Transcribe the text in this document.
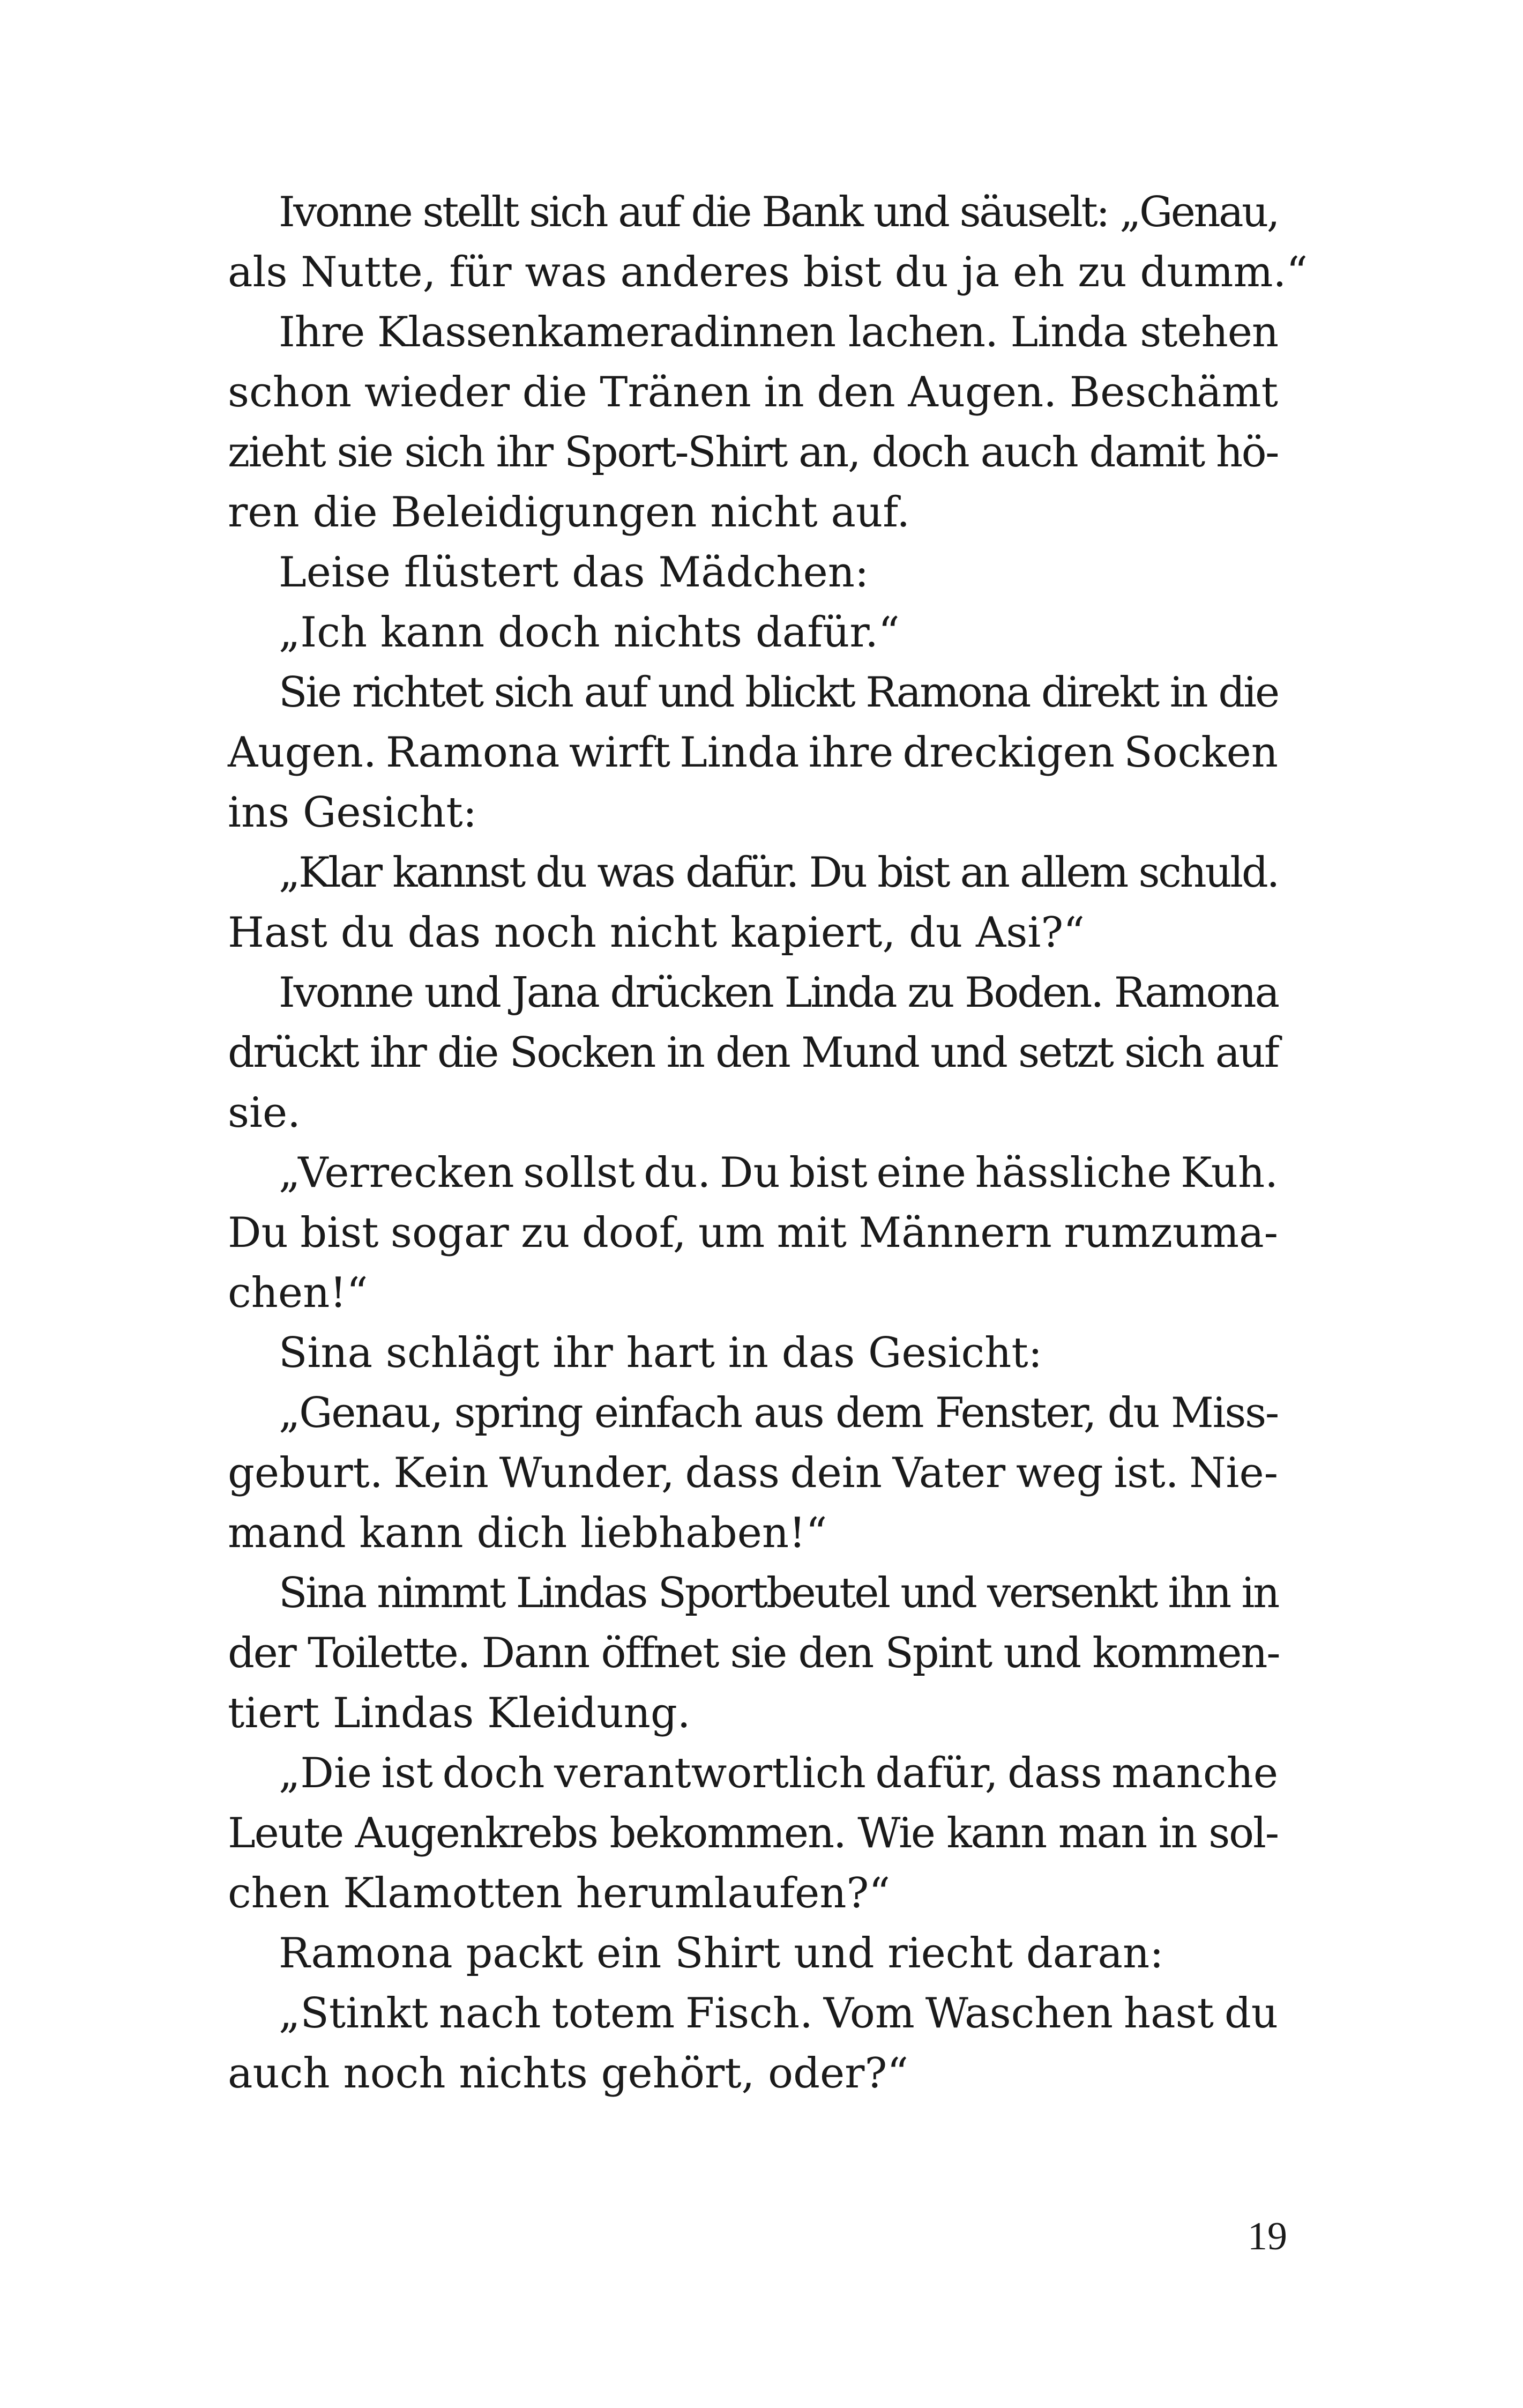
Ivonne stellt sich auf die Bank und säuselt: „Genau,
als Nutte, für was anderes bist du ja eh zu dumm.“
Ihre Klassenkameradinnen lachen. Linda stehen
schon wieder die Tränen in den Augen. Beschämt
zieht sie sich ihr Sport-Shirt an, doch auch damit hö-
ren die Beleidigungen nicht auf.
Leise flüstert das Mädchen:
„Ich kann doch nichts dafür.“
Sie richtet sich auf und blickt Ramona direkt in die
Augen. Ramona wirft Linda ihre dreckigen Socken
ins Gesicht:
„Klar kannst du was dafür. Du bist an allem schuld.
Hast du das noch nicht kapiert, du Asi?“
Ivonne und Jana drücken Linda zu Boden. Ramona
drückt ihr die Socken in den Mund und setzt sich auf
sie.
„Verrecken sollst du. Du bist eine hässliche Kuh.
Du bist sogar zu doof, um mit Männern rumzuma-
chen!“
Sina schlägt ihr hart in das Gesicht:
„Genau, spring einfach aus dem Fenster, du Miss-
geburt. Kein Wunder, dass dein Vater weg ist. Nie-
mand kann dich liebhaben!“
Sina nimmt Lindas Sportbeutel und versenkt ihn in
der Toilette. Dann öffnet sie den Spint und kommen-
tiert Lindas Kleidung.
„Die ist doch verantwortlich dafür, dass manche
Leute Augenkrebs bekommen. Wie kann man in sol-
chen Klamotten herumlaufen?“
Ramona packt ein Shirt und riecht daran:
„Stinkt nach totem Fisch. Vom Waschen hast du
auch noch nichts gehört, oder?“
19
